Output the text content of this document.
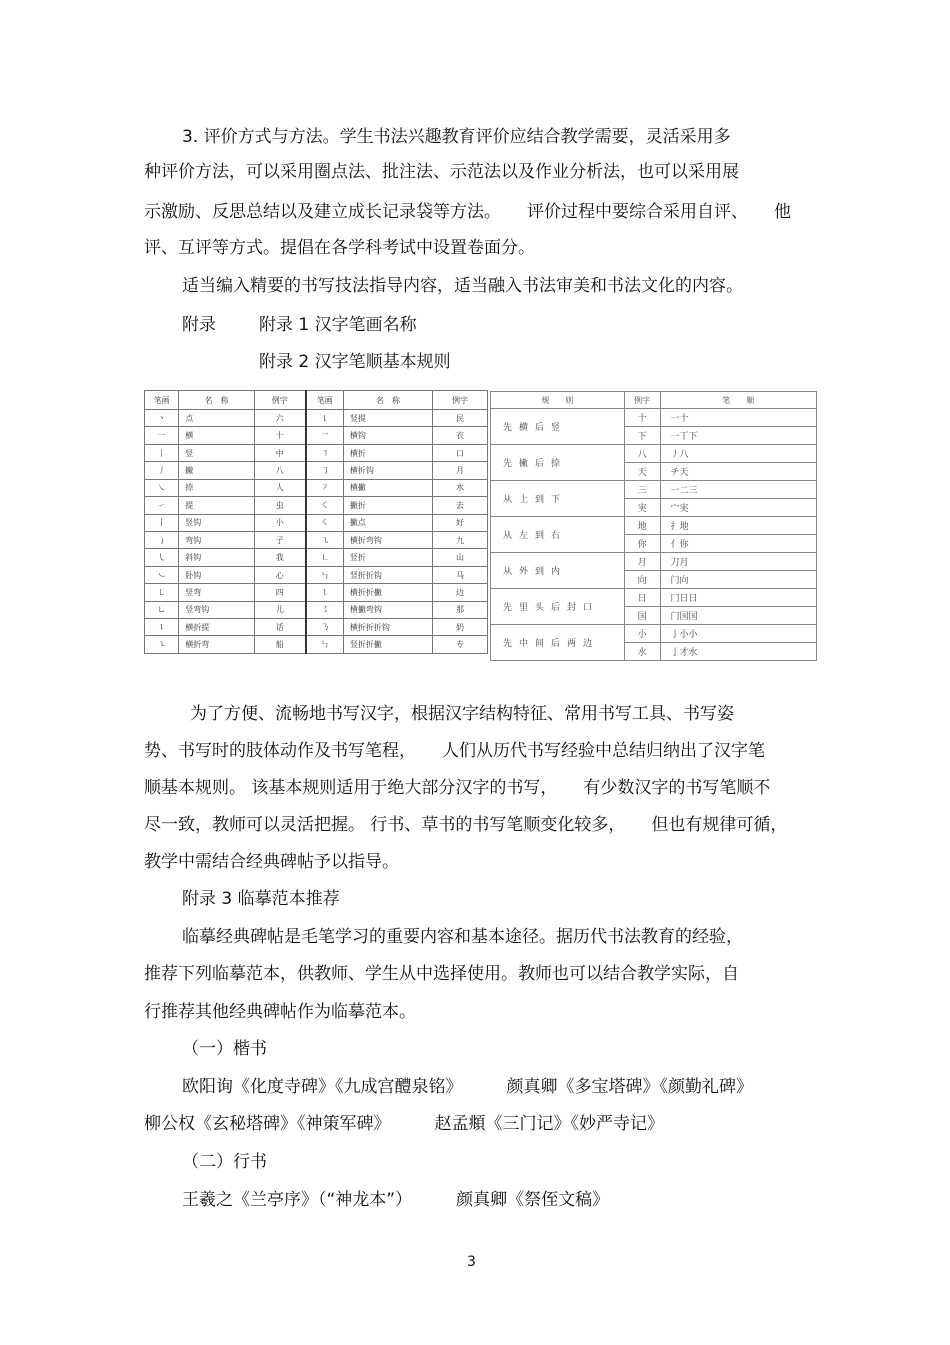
3. 评价方式与方法。学生书法兴趣教育评价应结合教学需要，灵活采用多
种评价方法，可以采用圈点法、批注法、示范法以及作业分析法，也可以采用展
示激励、反思总结以及建立成长记录袋等方法。 评价过程中要综合采用自评、 他
评、互评等方式。提倡在各学科考试中设置卷面分。
适当编入精要的书写技法指导内容，适当融入书法审美和书法文化的内容。
附录	附录 1 汉字笔画名称
附录 2 汉字笔顺基本规则
笔画	名　称	例字	笔画	名　称	例字
丶	点	六	㇙	竖提	民
一	横	十	㇖	横钩	衣
丨	竖	中	㇕	横折	口
丿	撇	八	㇆	横折钩	月
㇏	捺	人	㇇	横撇	水
㇀	提	虫	㇛	撇折	去
亅	竖钩	小	㇛	撇点	好
㇁	弯钩	子	㇈	横折弯钩	九
㇂	斜钩	我	㇗	竖折	山
㇃	卧钩	心	㇉	竖折折钩	马
㇄	竖弯	四	㇅	横折折撇	边
㇟	竖弯钩	儿	㇌	横撇弯钩	那
㇊	横折提	话	㇡	横折折折钩	奶
㇍	横折弯	船	㇉	竖折折撇	专
规　　则	例字	笔　　顺
先横后竖	十	一十
	下	一丅下
先撇后捺	八	丿八
	天	チ天
从上到下	三	一二三
	実	宀実
从左到右	地	扌地
	你	亻你
从外到内	月	刀月
	向	门向
先里头后封口	日	冂日日
	国	门国国
先中间后两边	小	亅小小
	水	亅才水
为了方便、流畅地书写汉字，根据汉字结构特征、常用书写工具、书写姿
势、书写时的肢体动作及书写笔程， 人们从历代书写经验中总结归纳出了汉字笔
顺基本规则。 该基本规则适用于绝大部分汉字的书写， 有少数汉字的书写笔顺不
尽一致，教师可以灵活把握。 行书、草书的书写笔顺变化较多， 但也有规律可循，
教学中需结合经典碑帖予以指导。
附录 3 临摹范本推荐
临摹经典碑帖是毛笔学习的重要内容和基本途径。据历代书法教育的经验，
推荐下列临摹范本，供教师、学生从中选择使用。教师也可以结合教学实际，自
行推荐其他经典碑帖作为临摹范本。
（一）楷书
欧阳询《化度寺碑》《九成宫醴泉铭》	颜真卿《多宝塔碑》《颜勤礼碑》
柳公权《玄秘塔碑》《神策军碑》	赵孟頫《三门记》《妙严寺记》
（二）行书
王羲之《兰亭序》（“神龙本”）	颜真卿《祭侄文稿》
3
